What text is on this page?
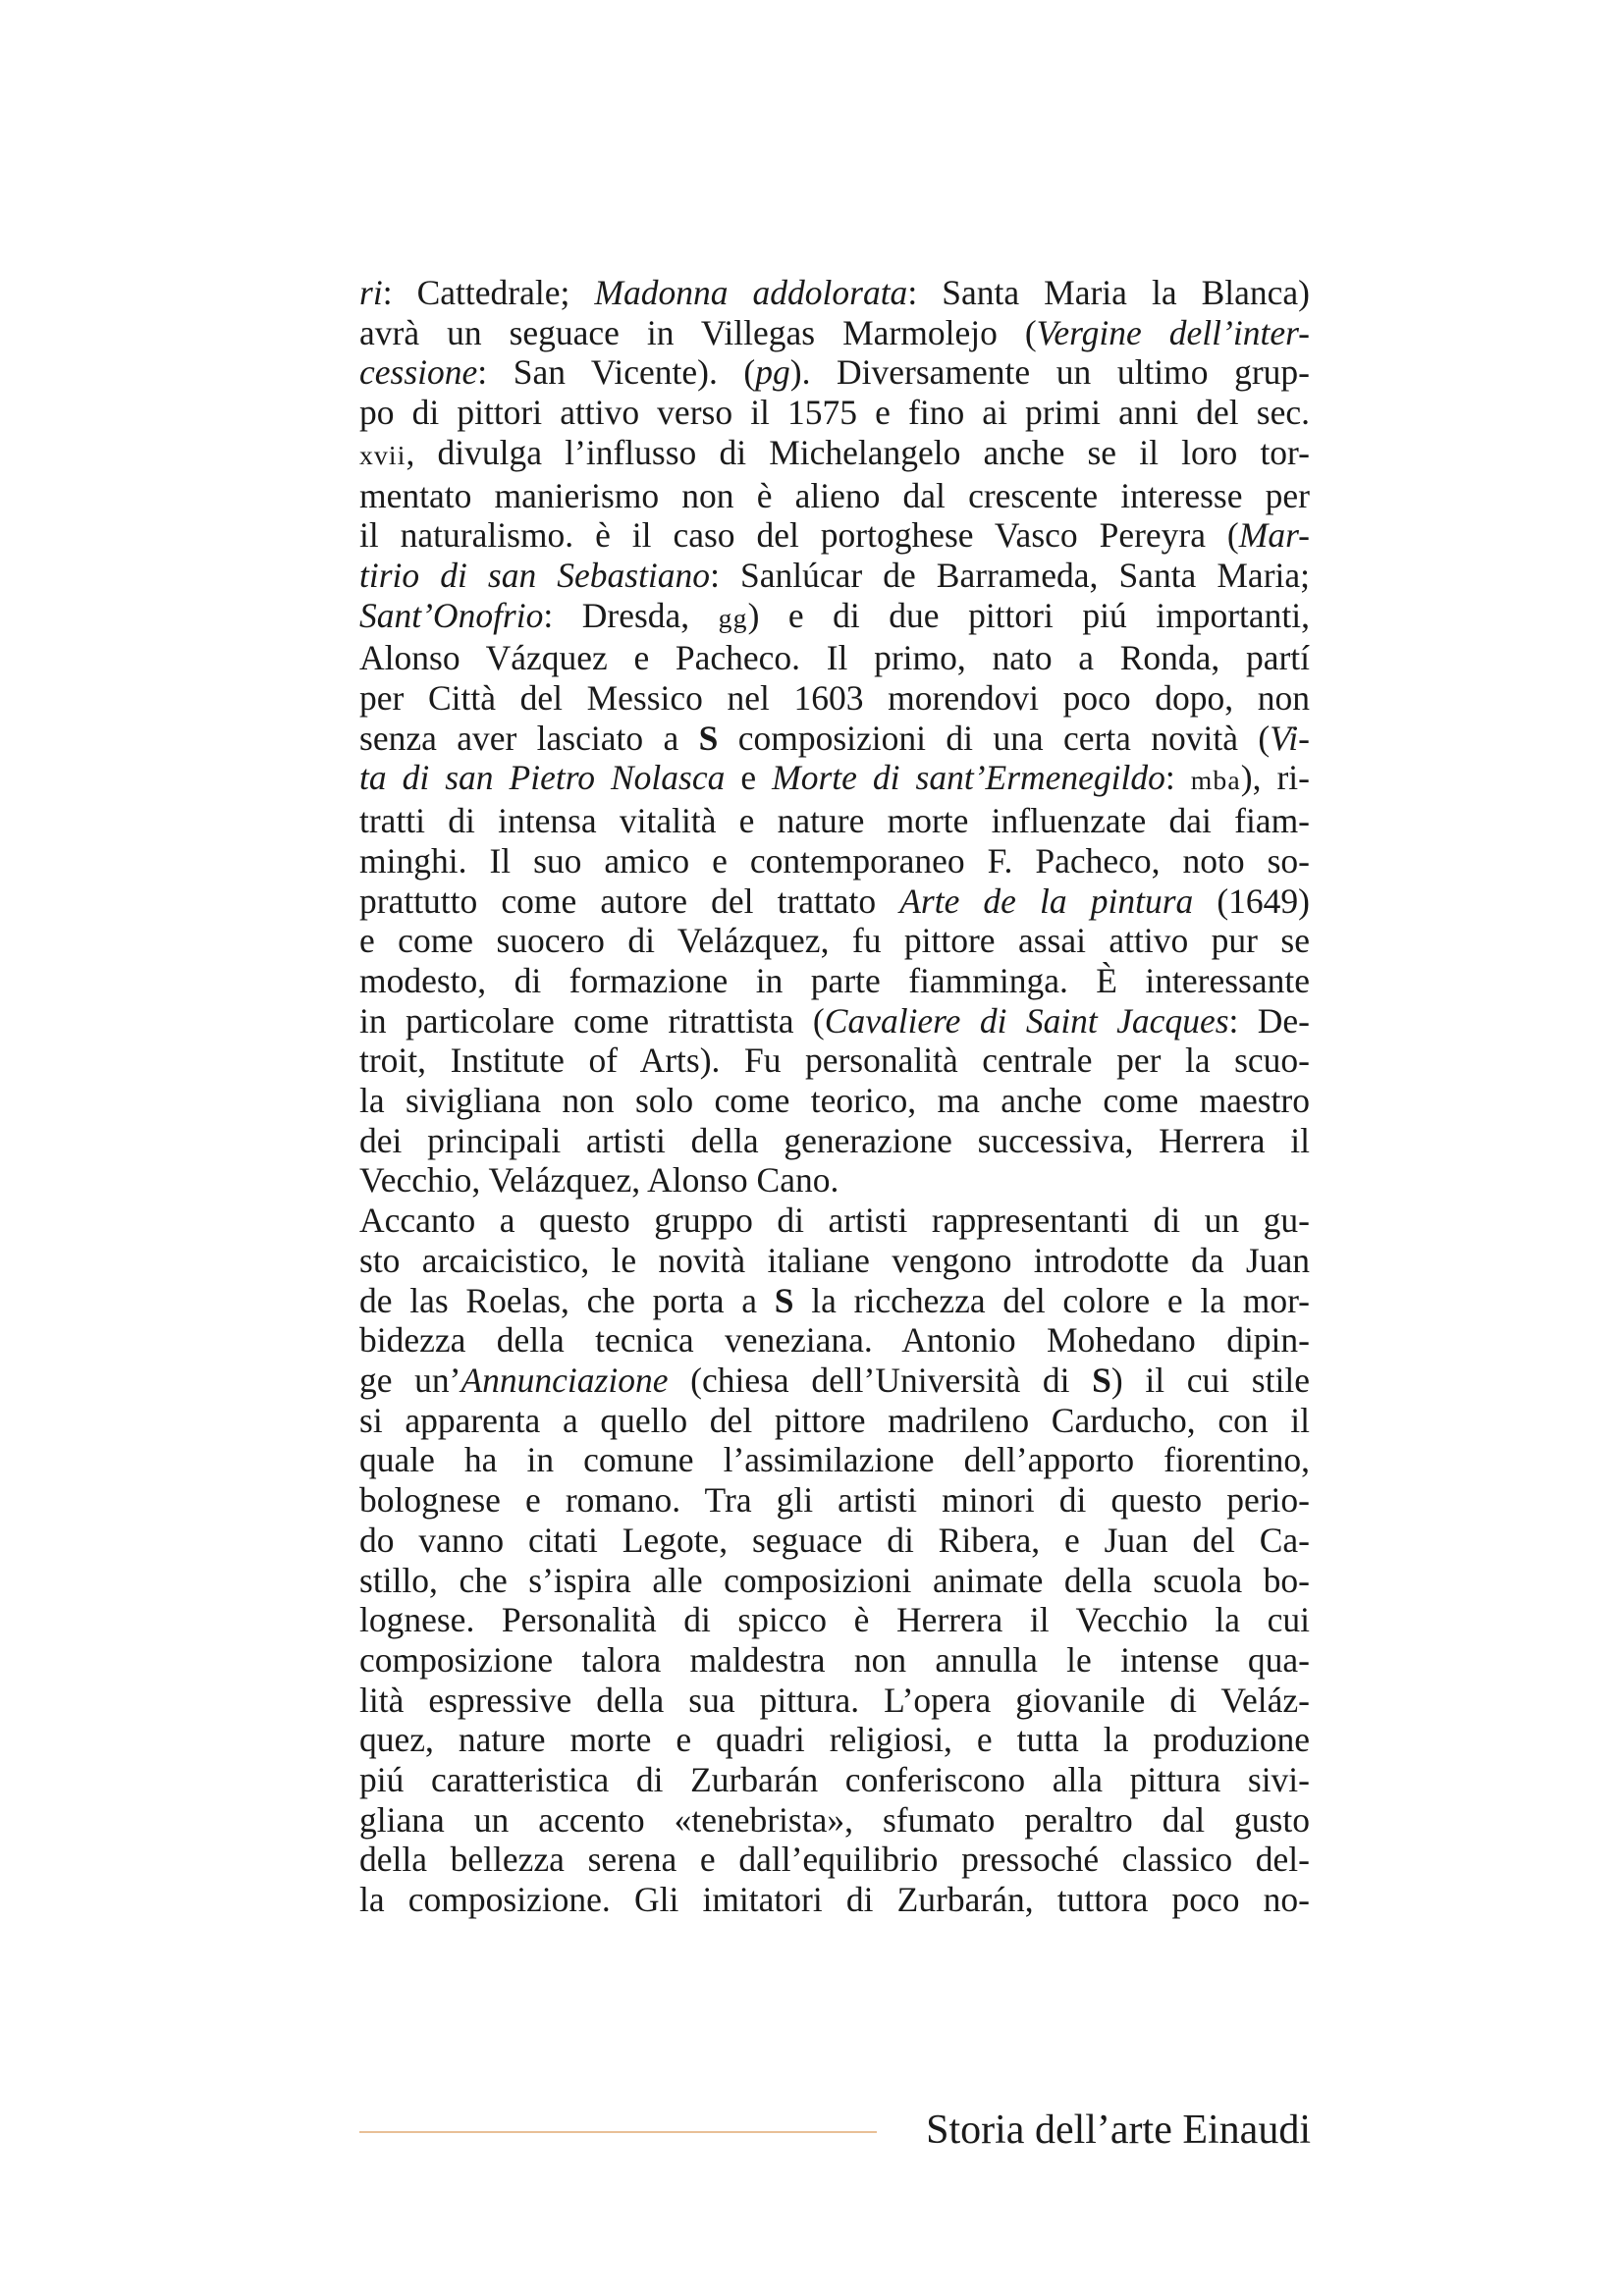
ri: Cattedrale; Madonna addolorata: Santa Maria la Blanca)
avrà un seguace in Villegas Marmolejo (Vergine dell’inter-
cessione: San Vicente). (pg). Diversamente un ultimo grup-
po di pittori attivo verso il 1575 e fino ai primi anni del sec.
xvii, divulga l’influsso di Michelangelo anche se il loro tor-
mentato manierismo non è alieno dal crescente interesse per
il naturalismo. è il caso del portoghese Vasco Pereyra (Mar-
tirio di san Sebastiano: Sanlúcar de Barrameda, Santa Maria;
Sant’Onofrio: Dresda, gg) e di due pittori piú importanti,
Alonso Vázquez e Pacheco. Il primo, nato a Ronda, partí
per Città del Messico nel 1603 morendovi poco dopo, non
senza aver lasciato a S composizioni di una certa novità (Vi-
ta di san Pietro Nolasca e Morte di sant’Ermenegildo: mba), ri-
tratti di intensa vitalità e nature morte influenzate dai fiam-
minghi. Il suo amico e contemporaneo F. Pacheco, noto so-
prattutto come autore del trattato Arte de la pintura (1649)
e come suocero di Velázquez, fu pittore assai attivo pur se
modesto, di formazione in parte fiamminga. È interessante
in particolare come ritrattista (Cavaliere di Saint Jacques: De-
troit, Institute of Arts). Fu personalità centrale per la scuo-
la sivigliana non solo come teorico, ma anche come maestro
dei principali artisti della generazione successiva, Herrera il
Vecchio, Velázquez, Alonso Cano.
Accanto a questo gruppo di artisti rappresentanti di un gu-
sto arcaicistico, le novità italiane vengono introdotte da Juan
de las Roelas, che porta a S la ricchezza del colore e la mor-
bidezza della tecnica veneziana. Antonio Mohedano dipin-
ge un’Annunciazione (chiesa dell’Università di S) il cui stile
si apparenta a quello del pittore madrileno Carducho, con il
quale ha in comune l’assimilazione dell’apporto fiorentino,
bolognese e romano. Tra gli artisti minori di questo perio-
do vanno citati Legote, seguace di Ribera, e Juan del Ca-
stillo, che s’ispira alle composizioni animate della scuola bo-
lognese. Personalità di spicco è Herrera il Vecchio la cui
composizione talora maldestra non annulla le intense qua-
lità espressive della sua pittura. L’opera giovanile di Veláz-
quez, nature morte e quadri religiosi, e tutta la produzione
piú caratteristica di Zurbarán conferiscono alla pittura sivi-
gliana un accento «tenebrista», sfumato peraltro dal gusto
della bellezza serena e dall’equilibrio pressoché classico del-
la composizione. Gli imitatori di Zurbarán, tuttora poco no-
Storia dell’arte Einaudi
